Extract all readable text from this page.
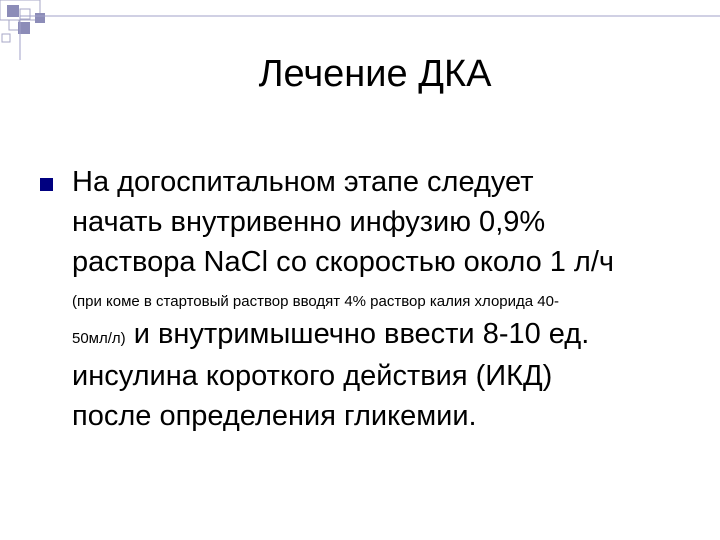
Лечение ДКА
На догоспитальном этапе следует
начать внутривенно инфузию 0,9%
раствора NaCl со скоростью около 1 л/ч
(при коме в стартовый раствор вводят 4% раствор калия хлорида 40-
50мл/л) и внутримышечно ввести 8-10 ед.
инсулина короткого действия (ИКД)
после определения гликемии.
